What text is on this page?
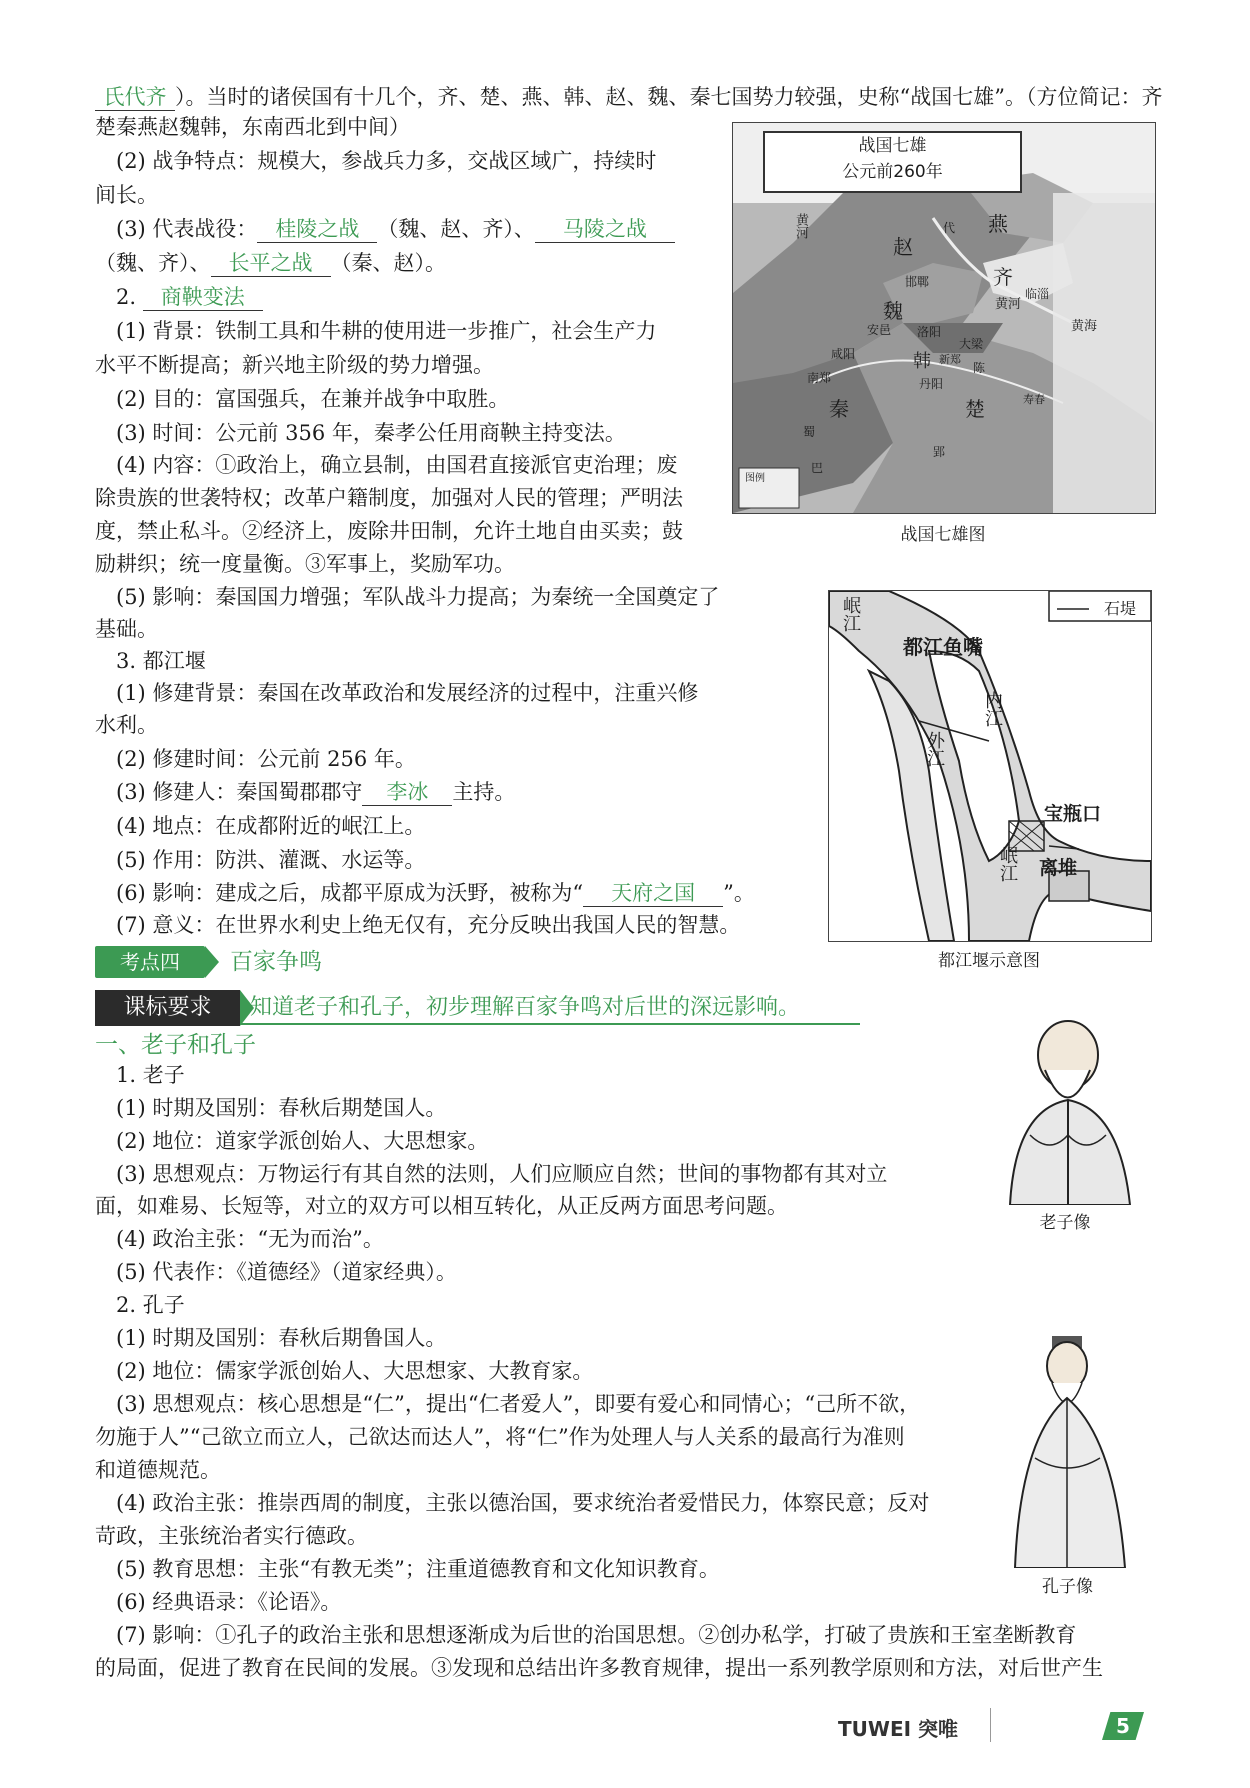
氏代齐 ）。当时的诸侯国有十几个，齐、楚、燕、韩、赵、魏、秦七国势力较强，史称“战国七雄”。（方位简记：齐
楚秦燕赵魏韩，东南西北到中间）
　(2) 战争特点：规模大，参战兵力多，交战区域广，持续时
间长。
　(3) 代表战役： 桂陵之战 （魏、赵、齐）、 马陵之战
（魏、齐）、 长平之战 （秦、赵）。
　2. 商鞅变法
　(1) 背景：铁制工具和牛耕的使用进一步推广，社会生产力
水平不断提高；新兴地主阶级的势力增强。
　(2) 目的：富国强兵，在兼并战争中取胜。
　(3) 时间：公元前 356 年，秦孝公任用商鞅主持变法。
　(4) 内容：①政治上，确立县制，由国君直接派官吏治理；废
除贵族的世袭特权；改革户籍制度，加强对人民的管理；严明法
度，禁止私斗。②经济上，废除井田制，允许土地自由买卖；鼓
励耕织；统一度量衡。③军事上，奖励军功。
　(5) 影响：秦国国力增强；军队战斗力提高；为秦统一全国奠定了
基础。
　3. 都江堰
　(1) 修建背景：秦国在改革政治和发展经济的过程中，注重兴修
水利。
　(2) 修建时间：公元前 256 年。
　(3) 修建人：秦国蜀郡郡守 李冰 主持。
　(4) 地点：在成都附近的岷江上。
　(5) 作用：防洪、灌溉、水运等。
　(6) 影响：建成之后，成都平原成为沃野，被称为“ 天府之国 ”。
　(7) 意义：在世界水利史上绝无仅有，充分反映出我国人民的智慧。
考点四	百家争鸣
课标要求	知道老子和孔子，初步理解百家争鸣对后世的深远影响。
一、老子和孔子
　1. 老子
　(1) 时期及国别：春秋后期楚国人。
　(2) 地位：道家学派创始人、大思想家。
　(3) 思想观点：万物运行有其自然的法则，人们应顺应自然；世间的事物都有其对立
面，如难易、长短等，对立的双方可以相互转化，从正反两方面思考问题。
　(4) 政治主张：“无为而治”。
　(5) 代表作：《道德经》（道家经典）。
　2. 孔子
　(1) 时期及国别：春秋后期鲁国人。
　(2) 地位：儒家学派创始人、大思想家、大教育家。
　(3) 思想观点：核心思想是“仁”，提出“仁者爱人”，即要有爱心和同情心；“己所不欲，
勿施于人”“己欲立而立人，己欲达而达人”，将“仁”作为处理人与人关系的最高行为准则
和道德规范。
　(4) 政治主张：推崇西周的制度，主张以德治国，要求统治者爱惜民力，体察民意；反对
苛政，主张统治者实行德政。
　(5) 教育思想：主张“有教无类”；注重道德教育和文化知识教育。
　(6) 经典语录：《论语》。
　(7) 影响：①孔子的政治主张和思想逐渐成为后世的治国思想。②创办私学，打破了贵族和王室垄断教育
的局面，促进了教育在民间的发展。③发现和总结出许多教育规律，提出一系列教学原则和方法，对后世产生
战国七雄
公元前260年
燕
代
赵
齐
临淄
黄河
黄河
邯鄲
魏
安邑 洛阳
大梁
咸阳	韩 新郑
黄海
南郑	丹阳
陈
秦	楚	寿春
蜀
巴
郢
图例
战国七雄图
石堤
都江鱼嘴
岷江
内江
外江
宝瓶口
离堆
岷江
都江堰示意图
老子像
孔子像
TUWEI 突唯	5
